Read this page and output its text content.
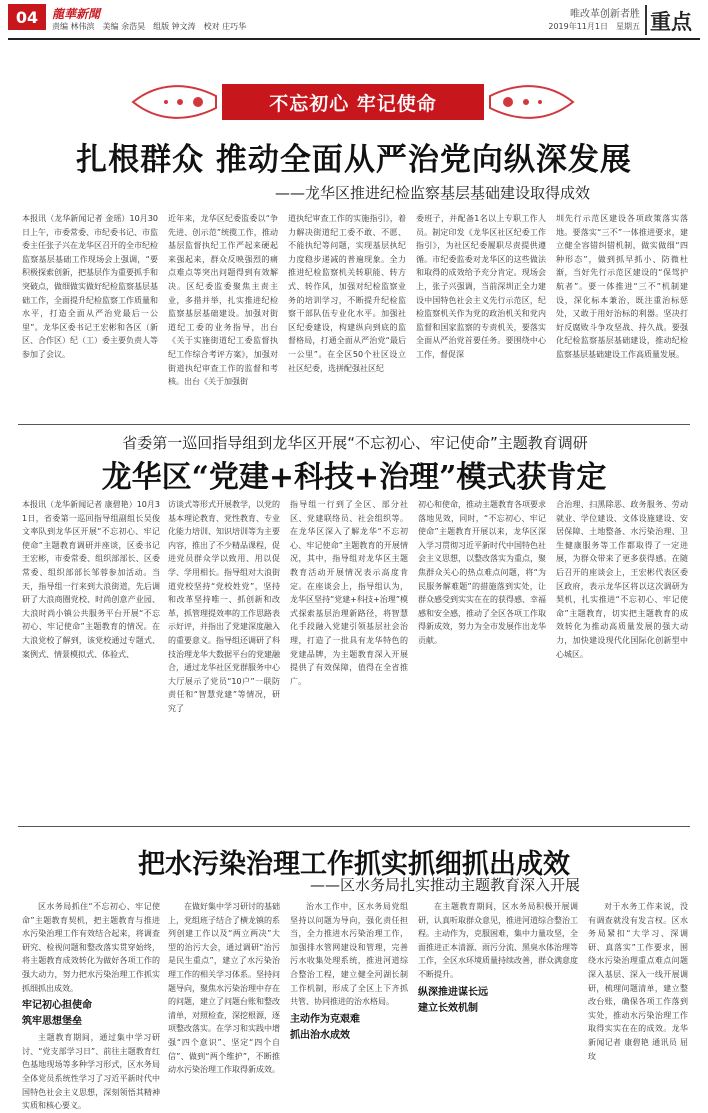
04	龍華新聞
责编 林伟滨　美编 余浩昊　组版 钟文涛　校对 庄巧华
唯改革创新者胜
2019年11月1日　星期五 重点
不忘初心 牢记使命
扎根群众 推动全面从严治党向纵深发展
——龙华区推进纪检监察基层基础建设取得成效
本报讯（龙华新闻记者 金瑶）10月30日上午，市委常委、市纪委书记、市监委主任张子兴在龙华区召开的全市纪检监察基层基础工作现场会上强调，“要积极探索创新，把基层作为重要抓手和突破点，做细做实做好纪检监察基层基础工作，全面提升纪检监察工作质量和水平，打造全面从严治党最后一公里”。龙华区委书记王宏彬和各区（新区、合作区）纪（工）委主要负责人等参加了会议。
近年来，龙华区纪委监委以“争先进、创示范”统揽工作，推动基层监督执纪工作严起来硬起来强起来，群众反映强烈的痛点难点等突出问题得到有效解决。区纪委监委聚焦主责主业，多措并举，扎实推进纪检监察基层基础建设。加强对街道纪工委的业务指导，出台《关于实施街道纪工委监督执纪工作综合考评方案》，加强对街道执纪审查工作的监督和考核。出台《关于加强街
道执纪审查工作的实施指引》，着力解决街道纪工委不敢、不愿、不能执纪等问题，实现基层执纪力度稳步递减的普遍现象。全力推进纪检监察机关转职能、转方式、转作风，加强对纪检监察业务的培训学习，不断提升纪检监察干部队伍专业化水平。加强社区纪委建设，构建纵向到底的监督格局，打通全面从严治党“最后一公里”。在全区50个社区设立社区纪委，选拼配强社区纪
委班子，并配备1名以上专职工作人员。制定印发《龙华区社区纪委工作指引》，为社区纪委履职尽责提供遵循。市纪委监委对龙华区的这些做法和取得的成效给予充分肯定。现场会上，张子兴强调，当前深圳正全力建设中国特色社会主义先行示范区，纪检监察机关作为党的政治机关和党内监督和国家监察的专责机关，要落实全面从严治党首要任务。要围绕中心工作，督促深
圳先行示范区建设各项政策落实落地。要落实“三不”一体推进要求，建立健全容错纠错机制，做实做细“四种形态”，做到抓早抓小、防微杜渐，当好先行示范区建设的“保驾护航者”。要一体推进“三不”机制建设，深化标本兼治，既注重治标惩处，又敢于用好治标的利器。坚决打好反腐败斗争攻坚战、持久战。要强化纪检监察基层基础建设，推动纪检监察基层基础建设工作高质量发展。
省委第一巡回指导组到龙华区开展“不忘初心、牢记使命”主题教育调研
龙华区“党建+科技+治理”模式获肯定
本报讯（龙华新闻记者 康碧艳）10月31日，省委第一巡回指导组副组长吴俊文率队到龙华区开展“不忘初心、牢记使命”主题教育调研并座谈，区委书记王宏彬，市委常委、组织部部长、区委常委、组织部部长邹蓉参加活动。当天，指导组一行来到大浪街道，先后调研了大浪商圈党校、时尚创意产业园、大浪时尚小镇公共服务平台开展“不忘初心、牢记使命”主题教育的情况。在大浪党校了解到，该党校通过专题式、案例式、情景模拟式、体验式、
访谈式等形式开展教学，以党的基本理论教育、党性教育、专业化能力培训、知识培训等为主要内容，推出了不少精品课程，促进党员群众学以致用、用以促学、学用相长。指导组对大浪街道党校坚持“党校姓党”，坚持和改革坚持唯一、抓创新和改革，抓管理提效率的工作思路表示好评，并指出了党建深度融入的重要意义。指导组还调研了科技治理龙华大数据平台的党建融合，通过龙华社区党群服务中心大厅展示了党员“10户”一联防责任和“智慧党建”等情况，研究了
指导组一行到了全区、部分社区、党建联络员、社会组织等。在龙华区深入了解龙华“不忘初心、牢记使命”主题教育的开展情况，其中，指导组对龙华区主题教育活动开展情况表示高度肯定。在座谈会上，指导组认为，龙华区坚持“党建+科技+治理”模式探索基层治理新路径，将智慧化手段融入党建引领基层社会治理，打造了一批具有龙华特色的党建品牌，为主题教育深入开展提供了有效保障，值得在全省推广。
初心和使命，推动主题教育各项要求落地见效，同时，“不忘初心、牢记使命”主题教育开展以来，龙华区深入学习贯彻习近平新时代中国特色社会主义思想，以整改落实为重点，聚焦群众关心的热点难点问题，将“为民服务解难题”的措施落到实处，让群众感受到实实在在的获得感、幸福感和安全感，推动了全区各项工作取得新成效，努力为全市发展作出龙华贡献。
合治理、扫黑除恶、政务服务、劳动就业、学位建设、文体设施建设、安居保障、土地整备、水污染治理、卫生健康服务等工作都取得了一定进展，为群众带来了更多获得感。在随后召开的座谈会上，王宏彬代表区委区政府，表示龙华区将以这次调研为契机，扎实推进“不忘初心、牢记使命”主题教育，切实把主题教育的成效转化为推动高质量发展的强大动力，加快建设现代化国际化创新型中心城区。
把水污染治理工作抓实抓细抓出成效
——区水务局扎实推动主题教育深入开展

区水务局抓住“不忘初心、牢记使命”主题教育契机，把主题教育与推进水污染治理工作有效结合起来，将调查研究、检视问题和整改落实贯穿始终，将主题教育成效转化为做好各项工作的强大动力，努力把水污染治理工作抓实抓细抓出成效。

牢记初心担使命
筑牢思想堡垒

主题教育期间，通过集中学习研讨、“党支部学习日”、前往主题教育红色基地现场等多种学习形式，区水务局全体党员系统性学习了习近平新时代中国特色社会主义思想，深刻领悟其精神实质和核心要义。

在做好集中学习研讨的基础上，党组班子结合了横龙镇的系列创建工作以及“两立两决”大型的治污大会，通过调研“治污是民生重点”，建立了水污染治理工作的相关学习体系。坚持问题导向，聚焦水污染治理中存在的问题，建立了问题台账和整改清单，对照检查，深挖根源，逐项整改落实。在学习和实践中增强“四个意识”、坚定“四个自信”、做到“两个维护”，不断推动水污染治理工作取得新成效。

治水工作中，区水务局党组坚持以问题为导向，强化责任担当，全力推进水污染治理工作，加强排水管网建设和管理，完善污水收集处理系统，推进河道综合整治工程，建立健全河湖长制工作机制，形成了全区上下齐抓共管、协同推进的治水格局。

主动作为克艰难
抓出治水成效

在主题教育期间，区水务局积极开展调研，认真听取群众意见，推进河道综合整治工程。主动作为，克服困难，集中力量攻坚，全面推进正本清源、雨污分流、黑臭水体治理等工作，全区水环境质量持续改善，群众满意度不断提升。

纵深推进谋长远
建立长效机制

对于水务工作来说，没有调查就没有发言权。区水务局紧扣“大学习、深调研、真落实”工作要求，围绕水污染治理重点难点问题深入基层、深入一线开展调研，梳理问题清单，建立整改台账，确保各项工作落到实处，推动水污染治理工作取得实实在在的成效。龙华新闻记者 康碧艳 通讯员 屈玫
